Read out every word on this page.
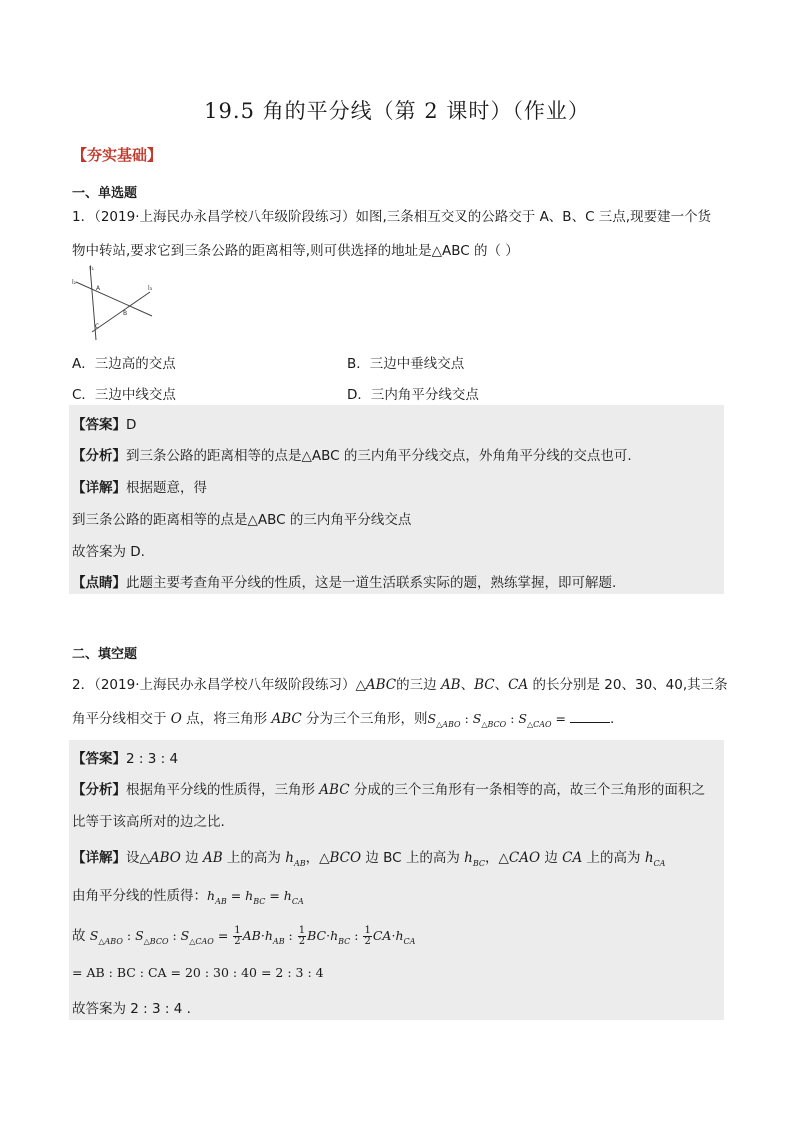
19.5 角的平分线（第 2 课时）（作业）
【夯实基础】
一、单选题
1．（2019·上海民办永昌学校八年级阶段练习）如图,三条相互交叉的公路交于 A、B、C 三点,现要建一个货
物中转站,要求它到三条公路的距离相等,则可供选择的地址是△ABC 的（ ）
l₁
l₂
l₃
A
B
C
A．三边高的交点	B．三边中垂线交点
C．三边中线交点	D．三内角平分线交点
【答案】D
【分析】到三条公路的距离相等的点是△ABC 的三内角平分线交点，外角角平分线的交点也可.
【详解】根据题意，得
到三条公路的距离相等的点是△ABC 的三内角平分线交点
故答案为 D.
【点睛】此题主要考查角平分线的性质，这是一道生活联系实际的题，熟练掌握，即可解题.
二、填空题
2．（2019·上海民办永昌学校八年级阶段练习）△ABC的三边 AB、BC、CA 的长分别是 20、30、40,其三条
角平分线相交于 O 点，将三角形 ABC 分为三个三角形，则$S_{\triangle ABO}$ : $S_{\triangle BCO}$ : $S_{\triangle CAO}$ =	.
【答案】2 : 3 : 4
【分析】根据角平分线的性质得，三角形 ABC 分成的三个三角形有一条相等的高，故三个三角形的面积之
比等于该高所对的边之比.
【详解】设△ABO 边 AB 上的高为 $h_{AB}$，△BCO 边 BC 上的高为 $h_{BC}$，△CAO 边 CA 上的高为 $h_{CA}$
由角平分线的性质得：$h_{AB} = h_{BC} = h_{CA}$
故 $S_{\triangle ABO}$ : $S_{\triangle BCO}$ : $S_{\triangle CAO} = \frac{1}{2} AB\cdot h_{AB}$ : $\frac{1}{2} BC\cdot h_{BC}$ : $\frac{1}{2} CA\cdot h_{CA}$
= AB : BC : CA = 20 : 30 : 40 = 2 : 3 : 4
故答案为 2 : 3 : 4 .
